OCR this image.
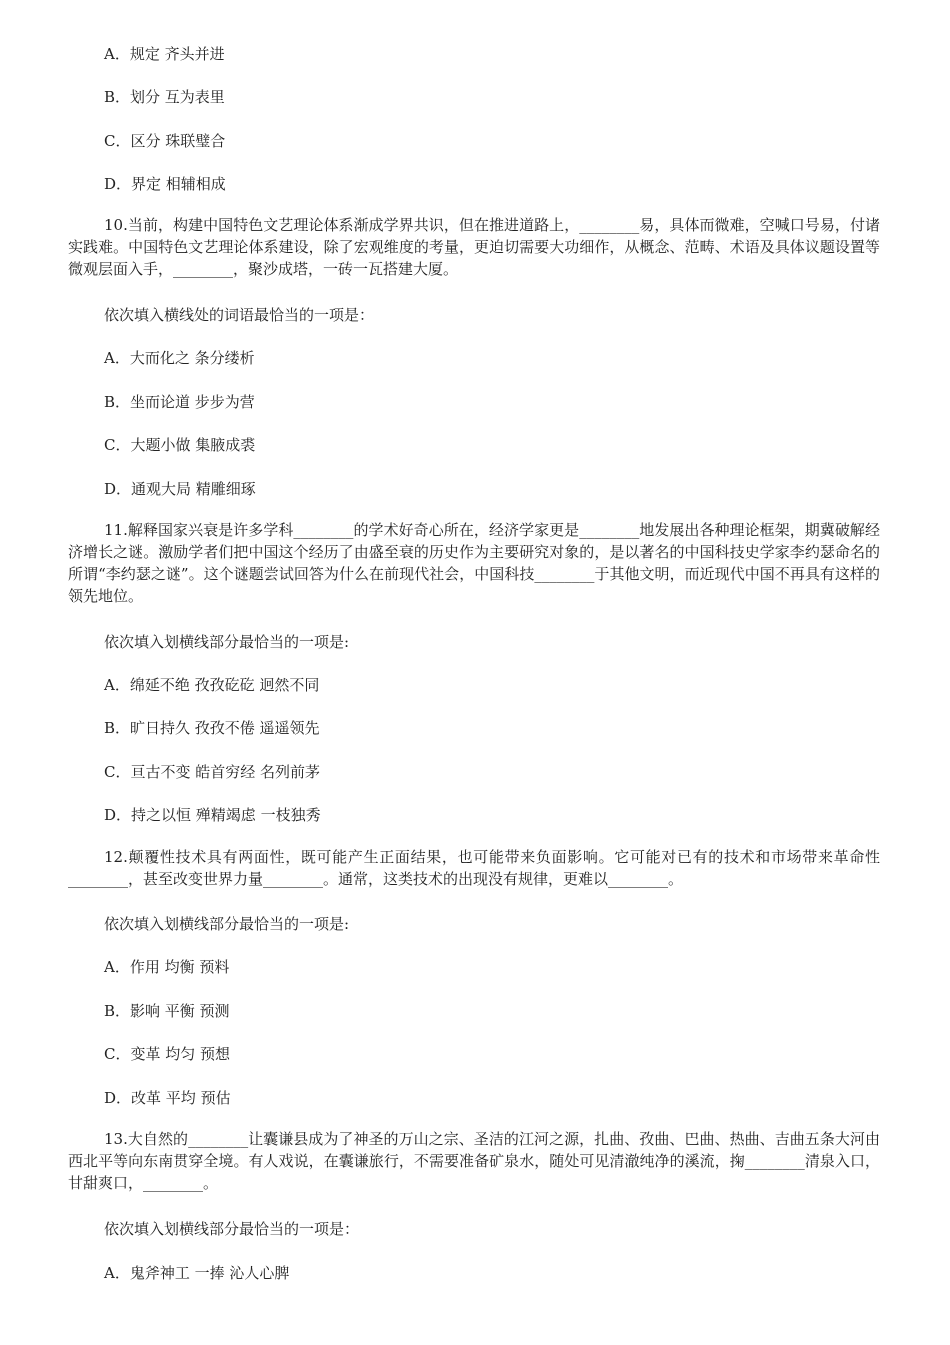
A．规定 齐头并进
B．划分 互为表里
C．区分 珠联璧合
D．界定 相辅相成
10.当前，构建中国特色文艺理论体系渐成学界共识，但在推进道路上，________易，具体而微难，空喊口号易，付诸实践难。中国特色文艺理论体系建设，除了宏观维度的考量，更迫切需要大功细作，从概念、范畴、术语及具体议题设置等微观层面入手，________，聚沙成塔，一砖一瓦搭建大厦。
依次填入横线处的词语最恰当的一项是：
A．大而化之 条分缕析
B．坐而论道 步步为营
C．大题小做 集腋成裘
D．通观大局 精雕细琢
11.解释国家兴衰是许多学科________的学术好奇心所在，经济学家更是________地发展出各种理论框架，期冀破解经济增长之谜。激励学者们把中国这个经历了由盛至衰的历史作为主要研究对象的，是以著名的中国科技史学家李约瑟命名的所谓“李约瑟之谜”。这个谜题尝试回答为什么在前现代社会，中国科技________于其他文明，而近现代中国不再具有这样的领先地位。
依次填入划横线部分最恰当的一项是:
A．绵延不绝 孜孜矻矻 迥然不同
B．旷日持久 孜孜不倦 遥遥领先
C．亘古不变 皓首穷经 名列前茅
D．持之以恒 殚精竭虑 一枝独秀
12.颠覆性技术具有两面性，既可能产生正面结果，也可能带来负面影响。它可能对已有的技术和市场带来革命性________，甚至改变世界力量________。通常，这类技术的出现没有规律，更难以________。
依次填入划横线部分最恰当的一项是:
A．作用 均衡 预料
B．影响 平衡 预测
C．变革 均匀 预想
D．改革 平均 预估
13.大自然的________让囊谦县成为了神圣的万山之宗、圣洁的江河之源，扎曲、孜曲、巴曲、热曲、吉曲五条大河由西北平等向东南贯穿全境。有人戏说，在囊谦旅行，不需要准备矿泉水，随处可见清澈纯净的溪流，掬________清泉入口，甘甜爽口，________。
依次填入划横线部分最恰当的一项是：
A．鬼斧神工 一捧 沁人心脾
